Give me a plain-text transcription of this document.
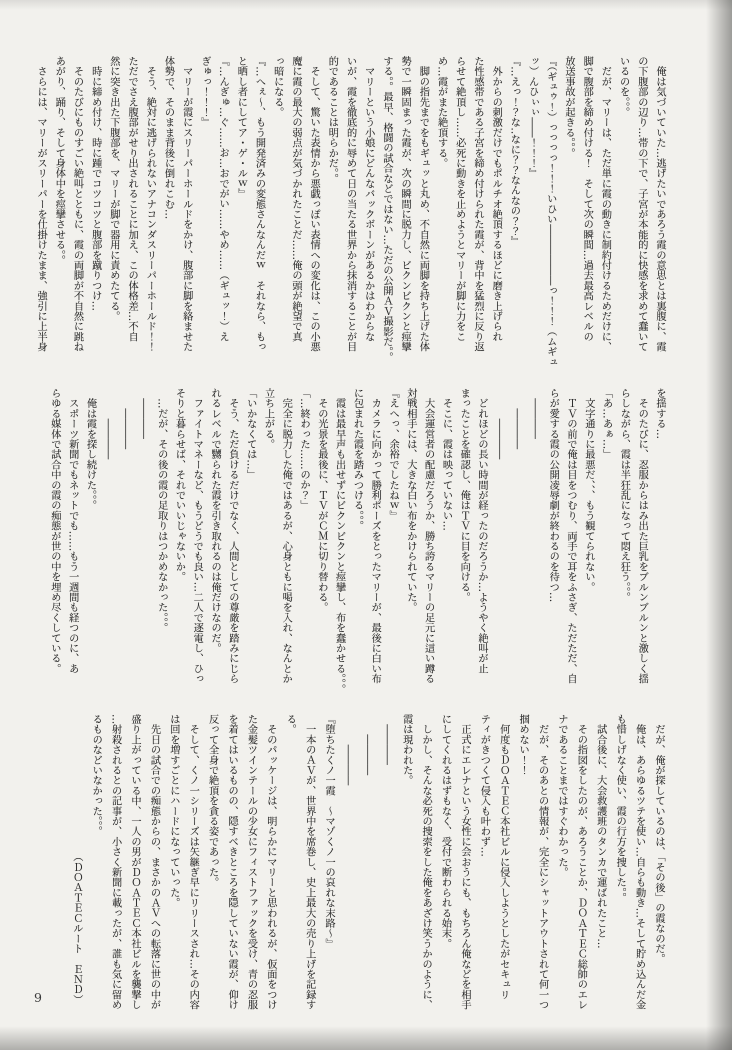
　俺は気づいていた…逃げたいであろう霞の意思とは裏腹に、霞

の下腹部の辺り…帯の下で、子宮が本能的に快感を求めて蠢いて

いるのを。。。

　だが、マリーは、ただ単に霞の動きに制約付けるためだけに、

脚で腹部を締め付ける！　そして次の瞬間…過去最高レベルの

放送事故が起きる。。。

『（ギュゥ！）っっっっ！！！いひい――――――っ！！！（ムギュ

ッ）んひぃぃ――！！！』

『…えっ！？な‥なに？？なんなの？？』

　外からの刺激だけでもポルチオ絶頂するほどに磨き上げられ

た性感帯である子宮を締め付けられた霞が、背中を猛烈に反り返

らせて絶頂し……必死に動きを止めようとマリーが脚に力をこ

め…霞がまた絶頂する。

　脚の指先までをもギュッと丸め、不自然に両脚を持ち上げた体

勢で一瞬固まった霞が、次の瞬間に脱力し、ビクンビクンと痙攣

する。。最早、格闘の試合などではない…ただの公開ＡＶ撮影だ。。

　マリーという小娘にどんなバックボーンがあるかはわからな

いが、霞を徹底的に辱めて日の当たる世界から抹消することが目

的であることは明らかだ。。

　そして、驚いた表情から悪戯っぽい表情への変化は、この小悪

魔に霞の最大の弱点が気づかれたことだ……俺の頭が絶望で真

っ暗になる。

『…へぇ～、もう開発済みの変態さんなんだｗ　それなら、もっ

と晒し者にしてア・ゲ・ルｗ』

『…んぎゅ…ぐ……お…おでがい……やめ……（ギュッ！）え

ぎゅっ！！！』

　マリーが霞にスリーパーホールドをかけ、腹部に脚を絡ませた

体勢で、そのまま背後に倒れこむ…

　そう、絶対に逃げられないアナコンダスリーパーホールド！！

ただでさえ腹部がせり出されることに加え、この体格差…不自

然に突き出た下腹部を、マリーが脚で器用に責めたてる。

　時に締め付け、時に踵でコツコツと腹部を蹴りつけ…

　そのたびにものすごい絶叫とともに、霞の両脚が不自然に跳ね

あがり、踊り、そして身体中を痙攣させる。。

　さらには、マリーがスリーパーを仕掛けたまま、強引に上半身

を揺する…

　そのたびに、忍服からはみ出た巨乳をブルンブルンと激しく揺

らしながら、霞は半狂乱になって悶え狂う。。。

「あ…あぁ…」

　文字通りに最悪だ、、、もう観てられない。

　ＴＶの前で俺は目をつむり、両手で耳をふさぎ、ただただ、自

らが愛する霞の公開凌辱劇が終わるのを待つ…

　――――

　　――――

　　　――――

　どれほどの長い時間が経ったのだろうか…ようやく絶叫が止

まったことを確認し、俺はＴＶに目を向ける。

　そこに、霞は映っていない…

　大会運営者の配慮だろうか、勝ち誇るマリーの足元に這い蹲る

対戦相手には、大きな白い布をかけられていた。

『えへっ、余裕でしたねｗ』

　カメラに向かって勝利ポーズをとったマリーが、最後に白い布

に包まれた霞を踏みつける。。。

　霞は最早声も出せずにビクンビクンと痙攣し、布を蠢かせる。。。

　その光景を最後に、ＴＶがＣＭに切り替わる。

「…終わった……のか？」

　完全に脱力した俺ではあるが、心身ともに喝を入れ、なんとか

立ち上がる。

「いかなくては…」

　そう、ただ負けるだけでなく、人間としての尊厳を踏みにじら

れるレベルで嬲られた霞を引き取れるのは俺だけなのだ。

　ファイトマネーなど、もうどうでも良い…二人で逐電し、ひっ

そりと暮らせば、それでいいじゃないか。

　…だが、その後の霞の足取りはつかめなかった。。。

　――――

　　――――

　　　――――

　俺は霞を探し続けた。。。

　スポーツ新聞でもネットでも……もう一週間も経つのに、あ

らゆる媒体で試合中の霞の痴態が世の中を埋め尽くしている。

　だが、俺が探しているのは、「その後」の霞なのだ。

　俺は、あらゆるツテを使い…自らも動き…そして貯め込んだ金

も惜しげなく使い、霞の行方を捜した。。

　試合後に、大会救護班のタンカで運ばれたこと…

　その指図をしたのが、あろうことか、ＤＯＡＴＥＣ総帥のエレ

ナであることまではすぐわかった。

　だが、そのあとの情報が、完全にシャットアウトされて何一つ

掴めない！！

　何度もＤＯＡＴＥＣ本社ビルに侵入しようとしたがセキュリ

ティがきつくて侵入も叶わず…

　正式にエレナという女性に会おうにも、もちろん俺などを相手

にしてくれるはずもなく、受付で断わられる始末。

　しかし、そんな必死の捜索をした俺をあざけ笑うかのように、

霞は現われた。

　――――

　　――――

　　　――――

『堕ちたくノ一霞　～マゾくノ一の哀れな末路～』

　一本のＡＶが、世界中を席巻し、史上最大の売り上げを記録す

る。

　そのパッケージは、明らかにマリーと思われるが、仮面をつけ

た金髪ツインテールの少女にフィストファックを受け、青の忍服

を着てはいるものの、隠すべきところを隠していない霞が、仰け

反って全身で絶頂を貪る姿であった。

　そして、くノ一シリーズは矢継ぎ早にリリースされ…その内容

は回を増すごとにハードになっていった。

　先日の試合での痴態からの、まさかのＡＶへの転落に世の中が

盛り上がっている中、一人の男がＤＯＡＴＥＣ本社ビルを襲撃し

…射殺されるとの記事が、小さく新聞に載ったが、誰も気に留め

るものなどいなかった。。。

　　　　　　　　　　　　　　（ＤＯＡＴＥＣルート　ＥＮＤ）

9
